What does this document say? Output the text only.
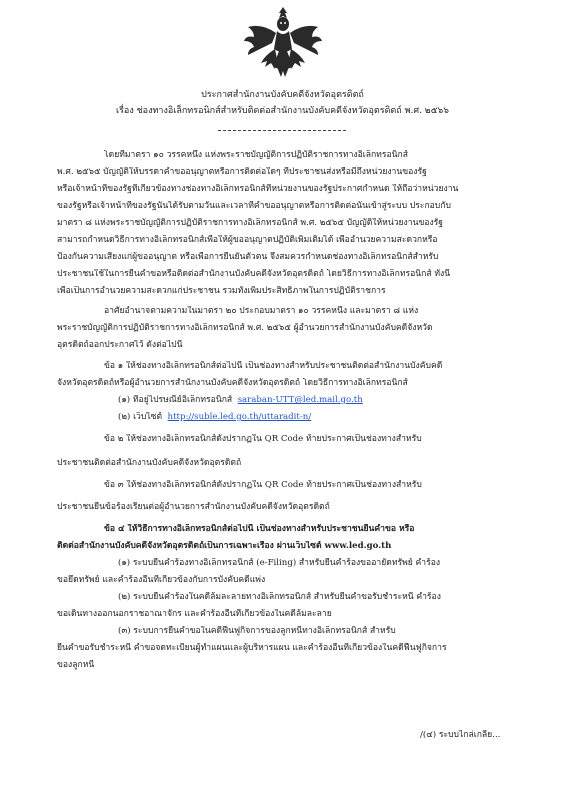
ประกาศสำนักงานบังคับคดีจังหวัดอุตรดิตถ์
เรื่อง ช่องทางอิเล็กทรอนิกส์สำหรับติดต่อสำนักงานบังคับคดีจังหวัดอุตรดิตถ์ พ.ศ. ๒๕๖๖
โดยที่มาตรา ๑๐ วรรคหนึ่ง แห่งพระราชบัญญัติการปฏิบัติราชการทางอิเล็กทรอนิกส์
พ.ศ. ๒๕๖๕ บัญญัติให้บรรดาคำขออนุญาตหรือการติดต่อใดๆ ที่ประชาชนส่งหรือมีถึงหน่วยงานของรัฐ
หรือเจ้าหน้าที่ของรัฐที่เกี่ยวข้องทางช่องทางอิเล็กทรอนิกส์ที่หน่วยงานของรัฐประกาศกำหนด ให้ถือว่าหน่วยงาน
ของรัฐหรือเจ้าหน้าที่ของรัฐนั้นได้รับตามวันและเวลาที่คำขออนุญาตหรือการติดต่อนั้นเข้าสู่ระบบ ประกอบกับ
มาตรา ๘ แห่งพระราชบัญญัติการปฏิบัติราชการทางอิเล็กทรอนิกส์ พ.ศ. ๒๕๖๕ บัญญัติให้หน่วยงานของรัฐ
สามารถกำหนดวิธีการทางอิเล็กทรอนิกส์เพื่อให้ผู้ขออนุญาตปฏิบัติเพิ่มเติมได้ เพื่ออำนวยความสะดวกหรือ
ป้องกันความเสี่ยงแก่ผู้ขออนุญาต หรือเพื่อการยืนยันตัวตน จึงสมควรกำหนดช่องทางอิเล็กทรอนิกส์สำหรับ
ประชาชนใช้ในการยื่นคำขอหรือติดต่อสำนักงานบังคับคดีจังหวัดอุตรดิตถ์ โดยวิธีการทางอิเล็กทรอนิกส์ ทั้งนี้
เพื่อเป็นการอำนวยความสะดวกแก่ประชาชน รวมทั้งเพิ่มประสิทธิภาพในการปฏิบัติราชการ
อาศัยอำนาจตามความในมาตรา ๒๐ ประกอบมาตรา ๑๐ วรรคหนึ่ง และมาตรา ๘ แห่ง
พระราชบัญญัติการปฏิบัติราชการทางอิเล็กทรอนิกส์ พ.ศ. ๒๕๖๕ ผู้อำนวยการสำนักงานบังคับคดีจังหวัด
อุตรดิตถ์ออกประกาศไว้ ดังต่อไปนี้
ข้อ ๑ ให้ช่องทางอิเล็กทรอนิกส์ต่อไปนี้ เป็นช่องทางสำหรับประชาชนติดต่อสำนักงานบังคับคดี
จังหวัดอุตรดิตถ์หรือผู้อำนวยการสำนักงานบังคับคดีจังหวัดอุตรดิตถ์ โดยวิธีการทางอิเล็กทรอนิกส์
(๑) ที่อยู่ไปรษณีย์อิเล็กทรอนิกส์ saraban-UTT@led.mail.go.th
(๒) เว็บไซต์ http://suble.led.go.th/uttaradit-n/
ข้อ ๒ ให้ช่องทางอิเล็กทรอนิกส์ดังปรากฏใน QR Code ท้ายประกาศเป็นช่องทางสำหรับ
ประชาชนติดต่อสำนักงานบังคับคดีจังหวัดอุตรดิตถ์
ข้อ ๓ ให้ช่องทางอิเล็กทรอนิกส์ดังปรากฏใน QR Code ท้ายประกาศเป็นช่องทางสำหรับ
ประชาชนยื่นข้อร้องเรียนต่อผู้อำนวยการสำนักงานบังคับคดีจังหวัดอุตรดิตถ์
ข้อ ๔ ให้วิธีการทางอิเล็กทรอนิกส์ต่อไปนี้ เป็นช่องทางสำหรับประชาชนยื่นคำขอ หรือ
ติดต่อสำนักงานบังคับคดีจังหวัดอุตรดิตถ์เป็นการเฉพาะเรื่อง ผ่านเว็บไซต์ www.led.go.th
(๑) ระบบยื่นคำร้องทางอิเล็กทรอนิกส์ (e-Filing) สำหรับยื่นคำร้องขออายัดทรัพย์ คำร้อง
ขอยึดทรัพย์ และคำร้องอื่นที่เกี่ยวข้องกับการบังคับคดีแพ่ง
(๒) ระบบยื่นคำร้องในคดีล้มละลายทางอิเล็กทรอนิกส์ สำหรับยื่นคำขอรับชำระหนี้ คำร้อง
ขอเดินทางออกนอกราชอาณาจักร และคำร้องอื่นที่เกี่ยวข้องในคดีล้มละลาย
(๓) ระบบการยื่นคำขอในคดีฟื้นฟูกิจการของลูกหนี้ทางอิเล็กทรอนิกส์ สำหรับ
ยื่นคำขอรับชำระหนี้ คำขอจดทะเบียนผู้ทำแผนและผู้บริหารแผน และคำร้องอื่นที่เกี่ยวข้องในคดีฟื้นฟูกิจการ
ของลูกหนี้
/(๔) ระบบไกล่เกลี่ย...
